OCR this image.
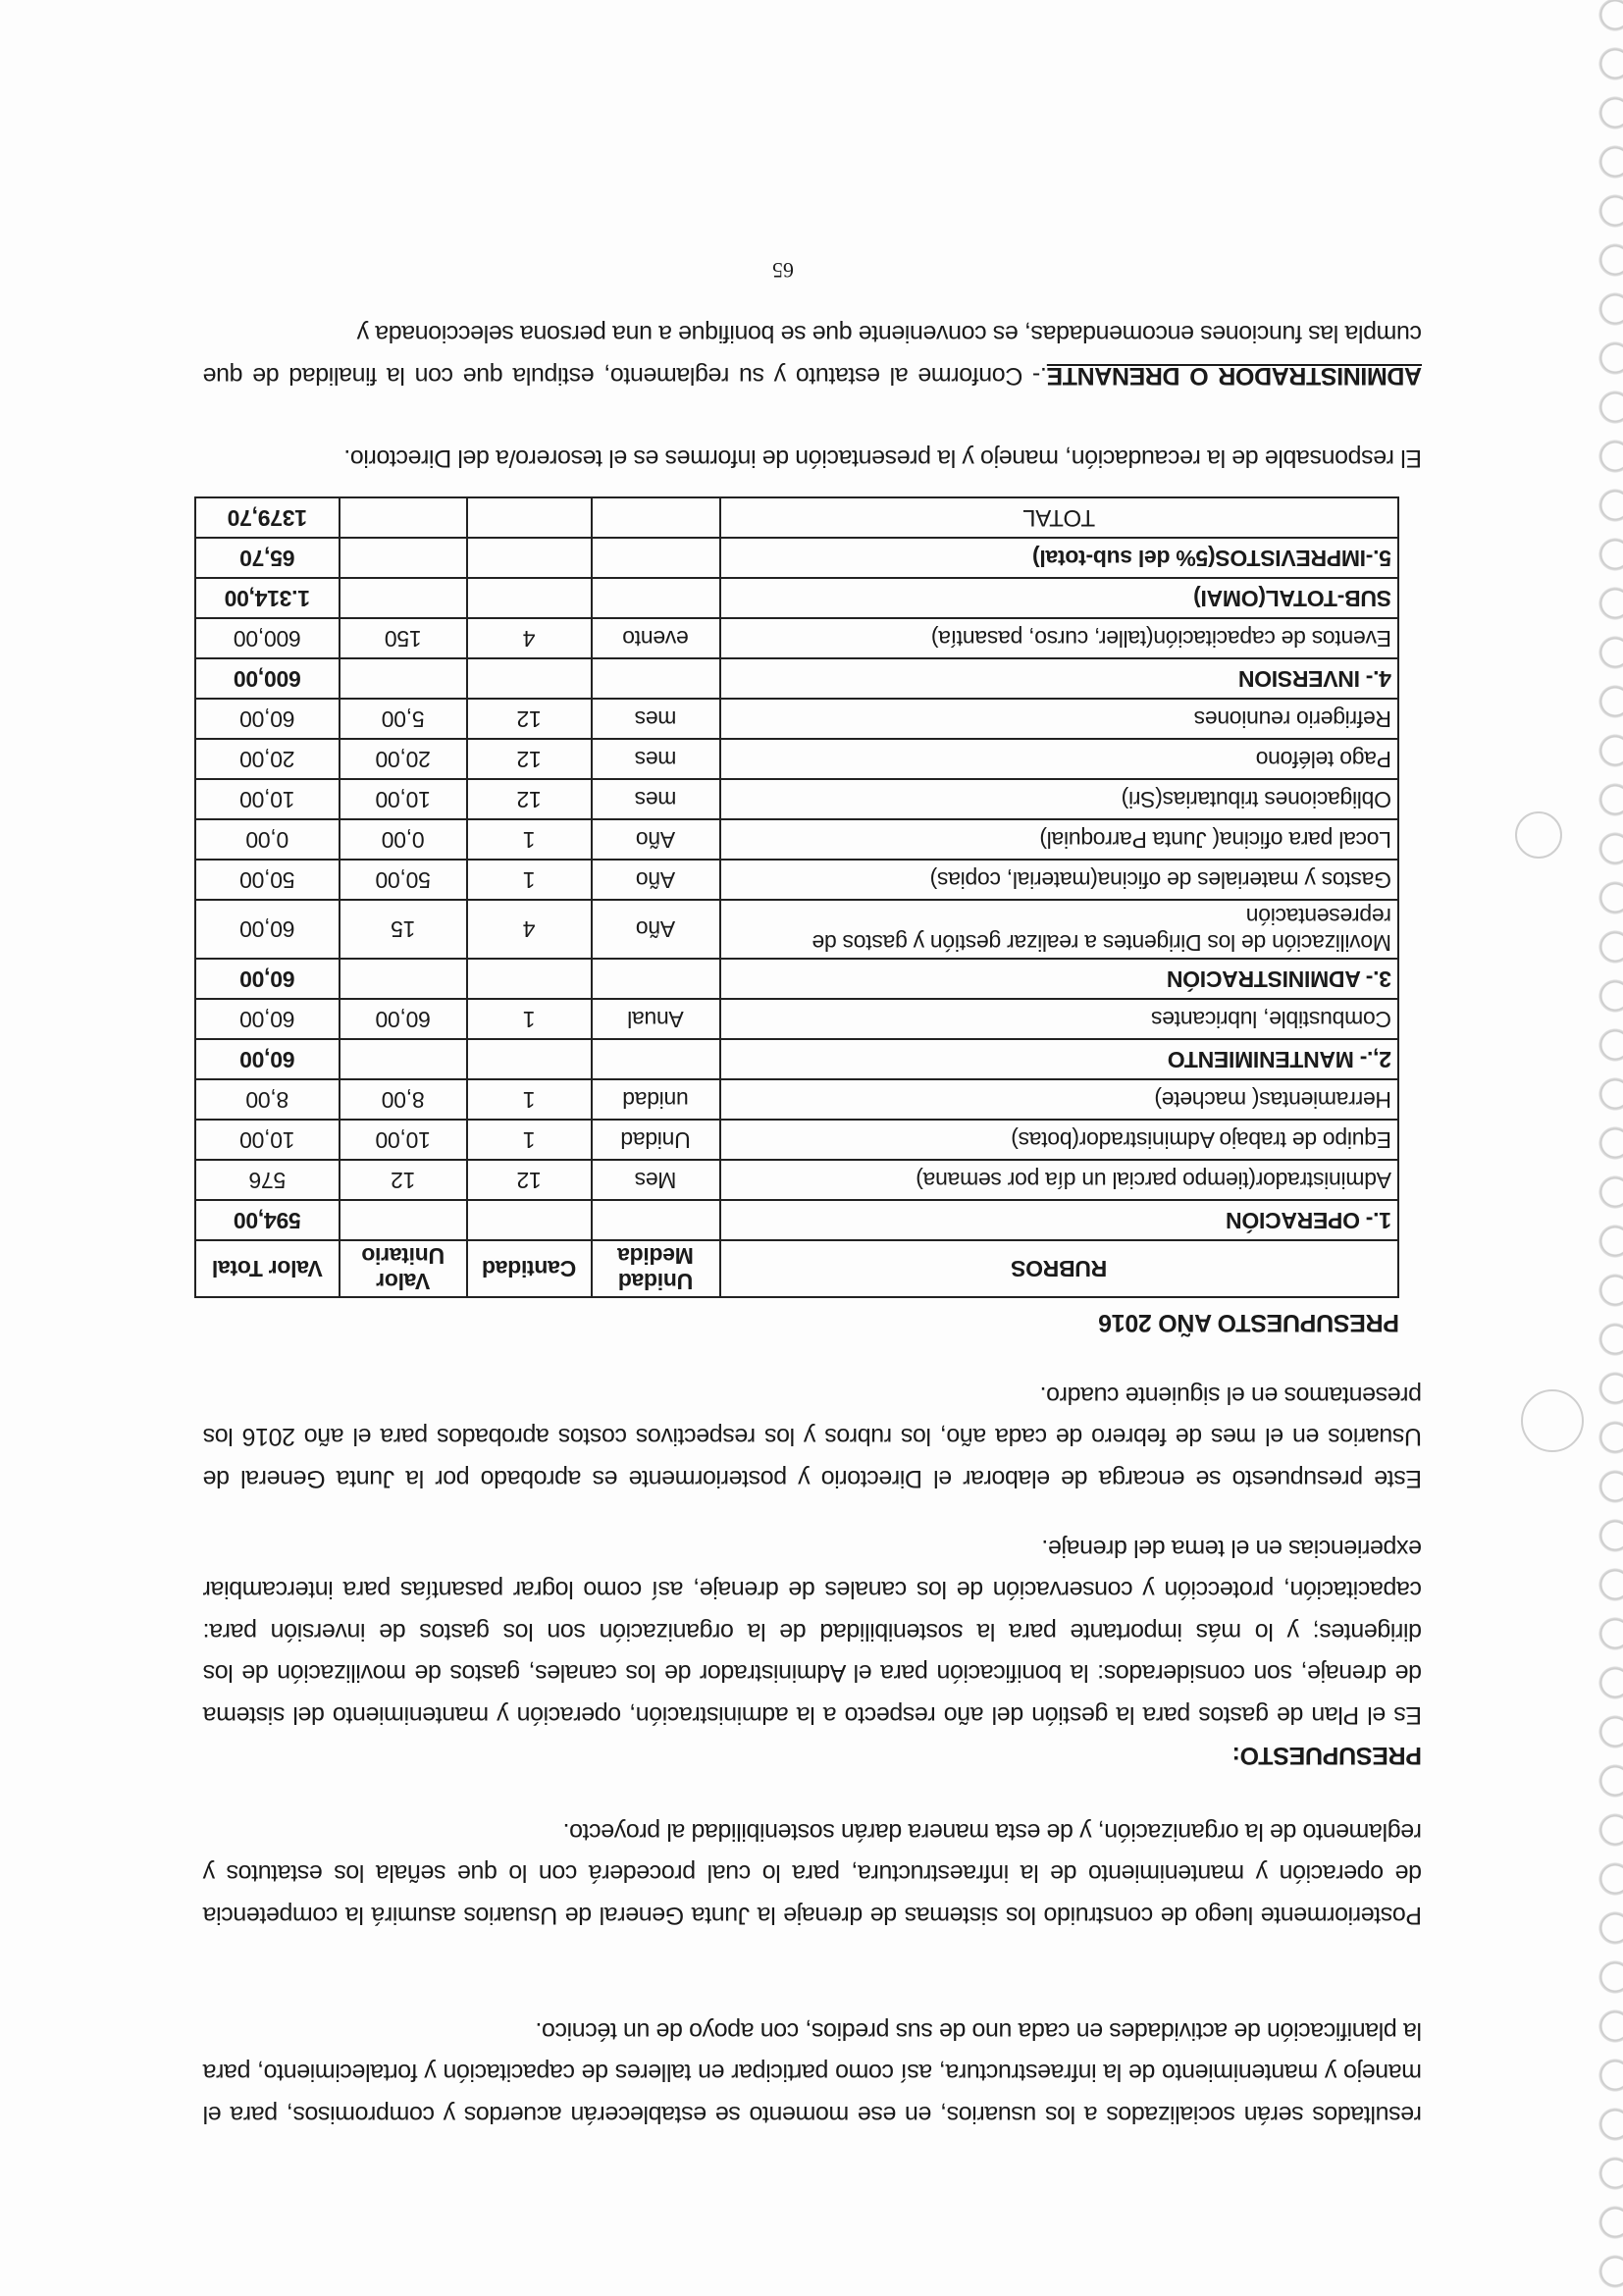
resultados serán socializados a los usuarios, en ese momento se establecerán acuerdos y compromisos, para el manejo y mantenimiento de la infraestructura, así como participar en talleres de capacitación y fortalecimiento, para la planificación de actividades en cada uno de sus predios, con apoyo de un técnico.

Posteriormente luego de construido los sistemas de drenaje la Junta General de Usuarios asumirá la competencia de operación y mantenimiento de la infraestructura, para lo cual procederá con lo que señala los estatutos y reglamento de la organización, y de esta manera darán sostenibilidad al proyecto.

PRESUPUESTO:

Es el Plan de gastos para la gestión del año respecto a la administración, operación y mantenimiento del sistema de drenaje, son considerados: la bonificación para el Administrador de los canales, gastos de movilización de los dirigentes; y lo más importante para la sostenibilidad de la organización son los gastos de inversión para: capacitación, protección y conservación de los canales de drenaje, así como lograr pasantías para intercambiar experiencias en el tema del drenaje.

Este presupuesto se encarga de elaborar el Directorio y posteriormente es aprobado por la Junta General de Usuarios en el mes de febrero de cada año, los rubros y los respectivos costos aprobados para el año 2016 los presentamos en el siguiente cuadro.

PRESUPUESTO AÑO 2016
RUBROS	Unidad Medida	Cantidad	Valor Unitario	Valor Total
1.- OPERACIÓN				594,00
Administrador(tiempo parcial un día por semana)	Mes	12	12	576
Equipo de trabajo Administrador(botas)	Unidad	1	10,00	10,00
Herramientas( machete)	unidad	1	8,00	8,00
2,.- MANTENIMIENTO				60,00
Combustible, lubricantes	Anual	1	60,00	60,00
3.- ADMINISTRACIÓN				60,00
Movilización de los Dirigentes a realizar gestión y gastos de representación	Año	4	15	60,00
Gastos y materiales de oficina(material, copias)	Año	1	50,00	50,00
Local para oficina( Junta Parroquial)	Año	1	0,00	0,00
Obligaciones tributarias(Sri)	mes	12	10,00	10,00
Pago teléfono	mes	12	20,00	20,00
Refrigerio reuniones	mes	12	5,00	60,00
4.- INVERSION				600,00
Eventos de capacitación(taller, curso, pasantía)	evento	4	150	600,00
SUB-TOTAL(OMAI)				1.314,00
5.-IMPREVISTOS(5% del sub-total)				65,70
TOTAL				1379,70

El responsable de la recaudación, manejo y la presentación de informes es el tesorero/a del Directorio.

ADMINISTRADOR O DRENANTE.- Conforme al estatuto y su reglamento, estipula que con la finalidad de que cumpla las funciones encomendadas, es conveniente que se bonifique a una persona seleccionada y

65
